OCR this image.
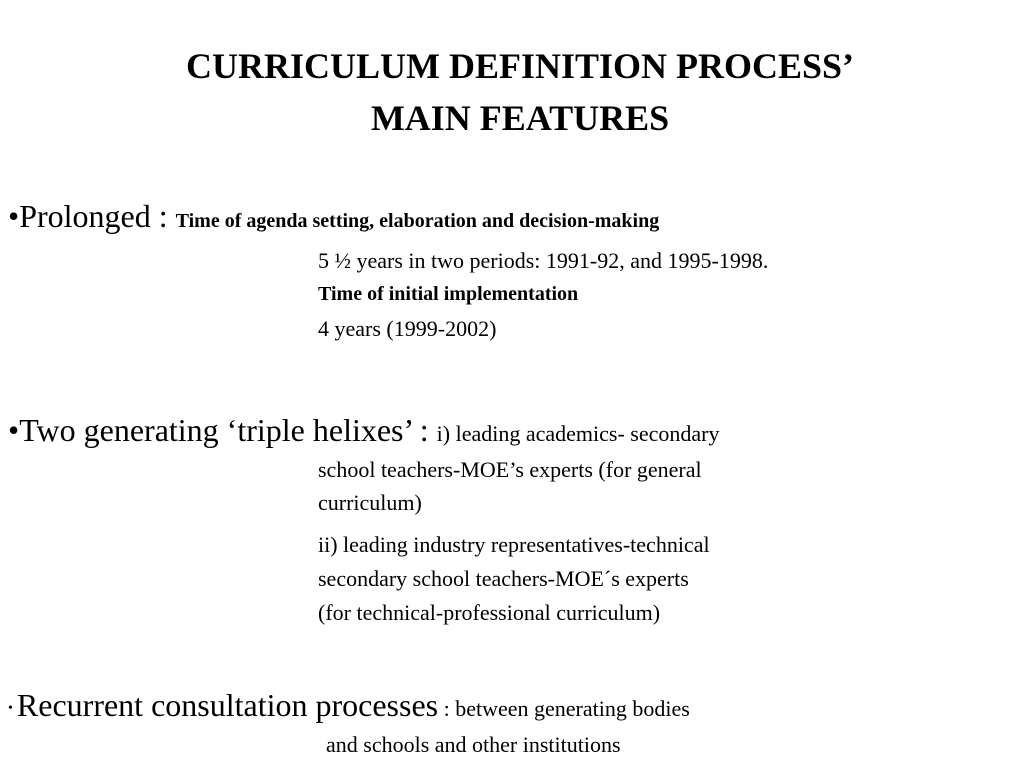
CURRICULUM DEFINITION PROCESS’
MAIN FEATURES
•Prolonged : Time of agenda setting, elaboration and decision-making
5 ½ years in two periods: 1991-92, and 1995-1998.
Time of initial implementation
4 years (1999-2002)
•Two generating ‘triple helixes’ : i) leading academics- secondary
school teachers-MOE’s experts (for general
curriculum)
ii) leading industry representatives-technical
secondary school teachers-MOE´s experts
(for technical-professional curriculum)
• Recurrent consultation processes : between generating bodies
and schools and other institutions
